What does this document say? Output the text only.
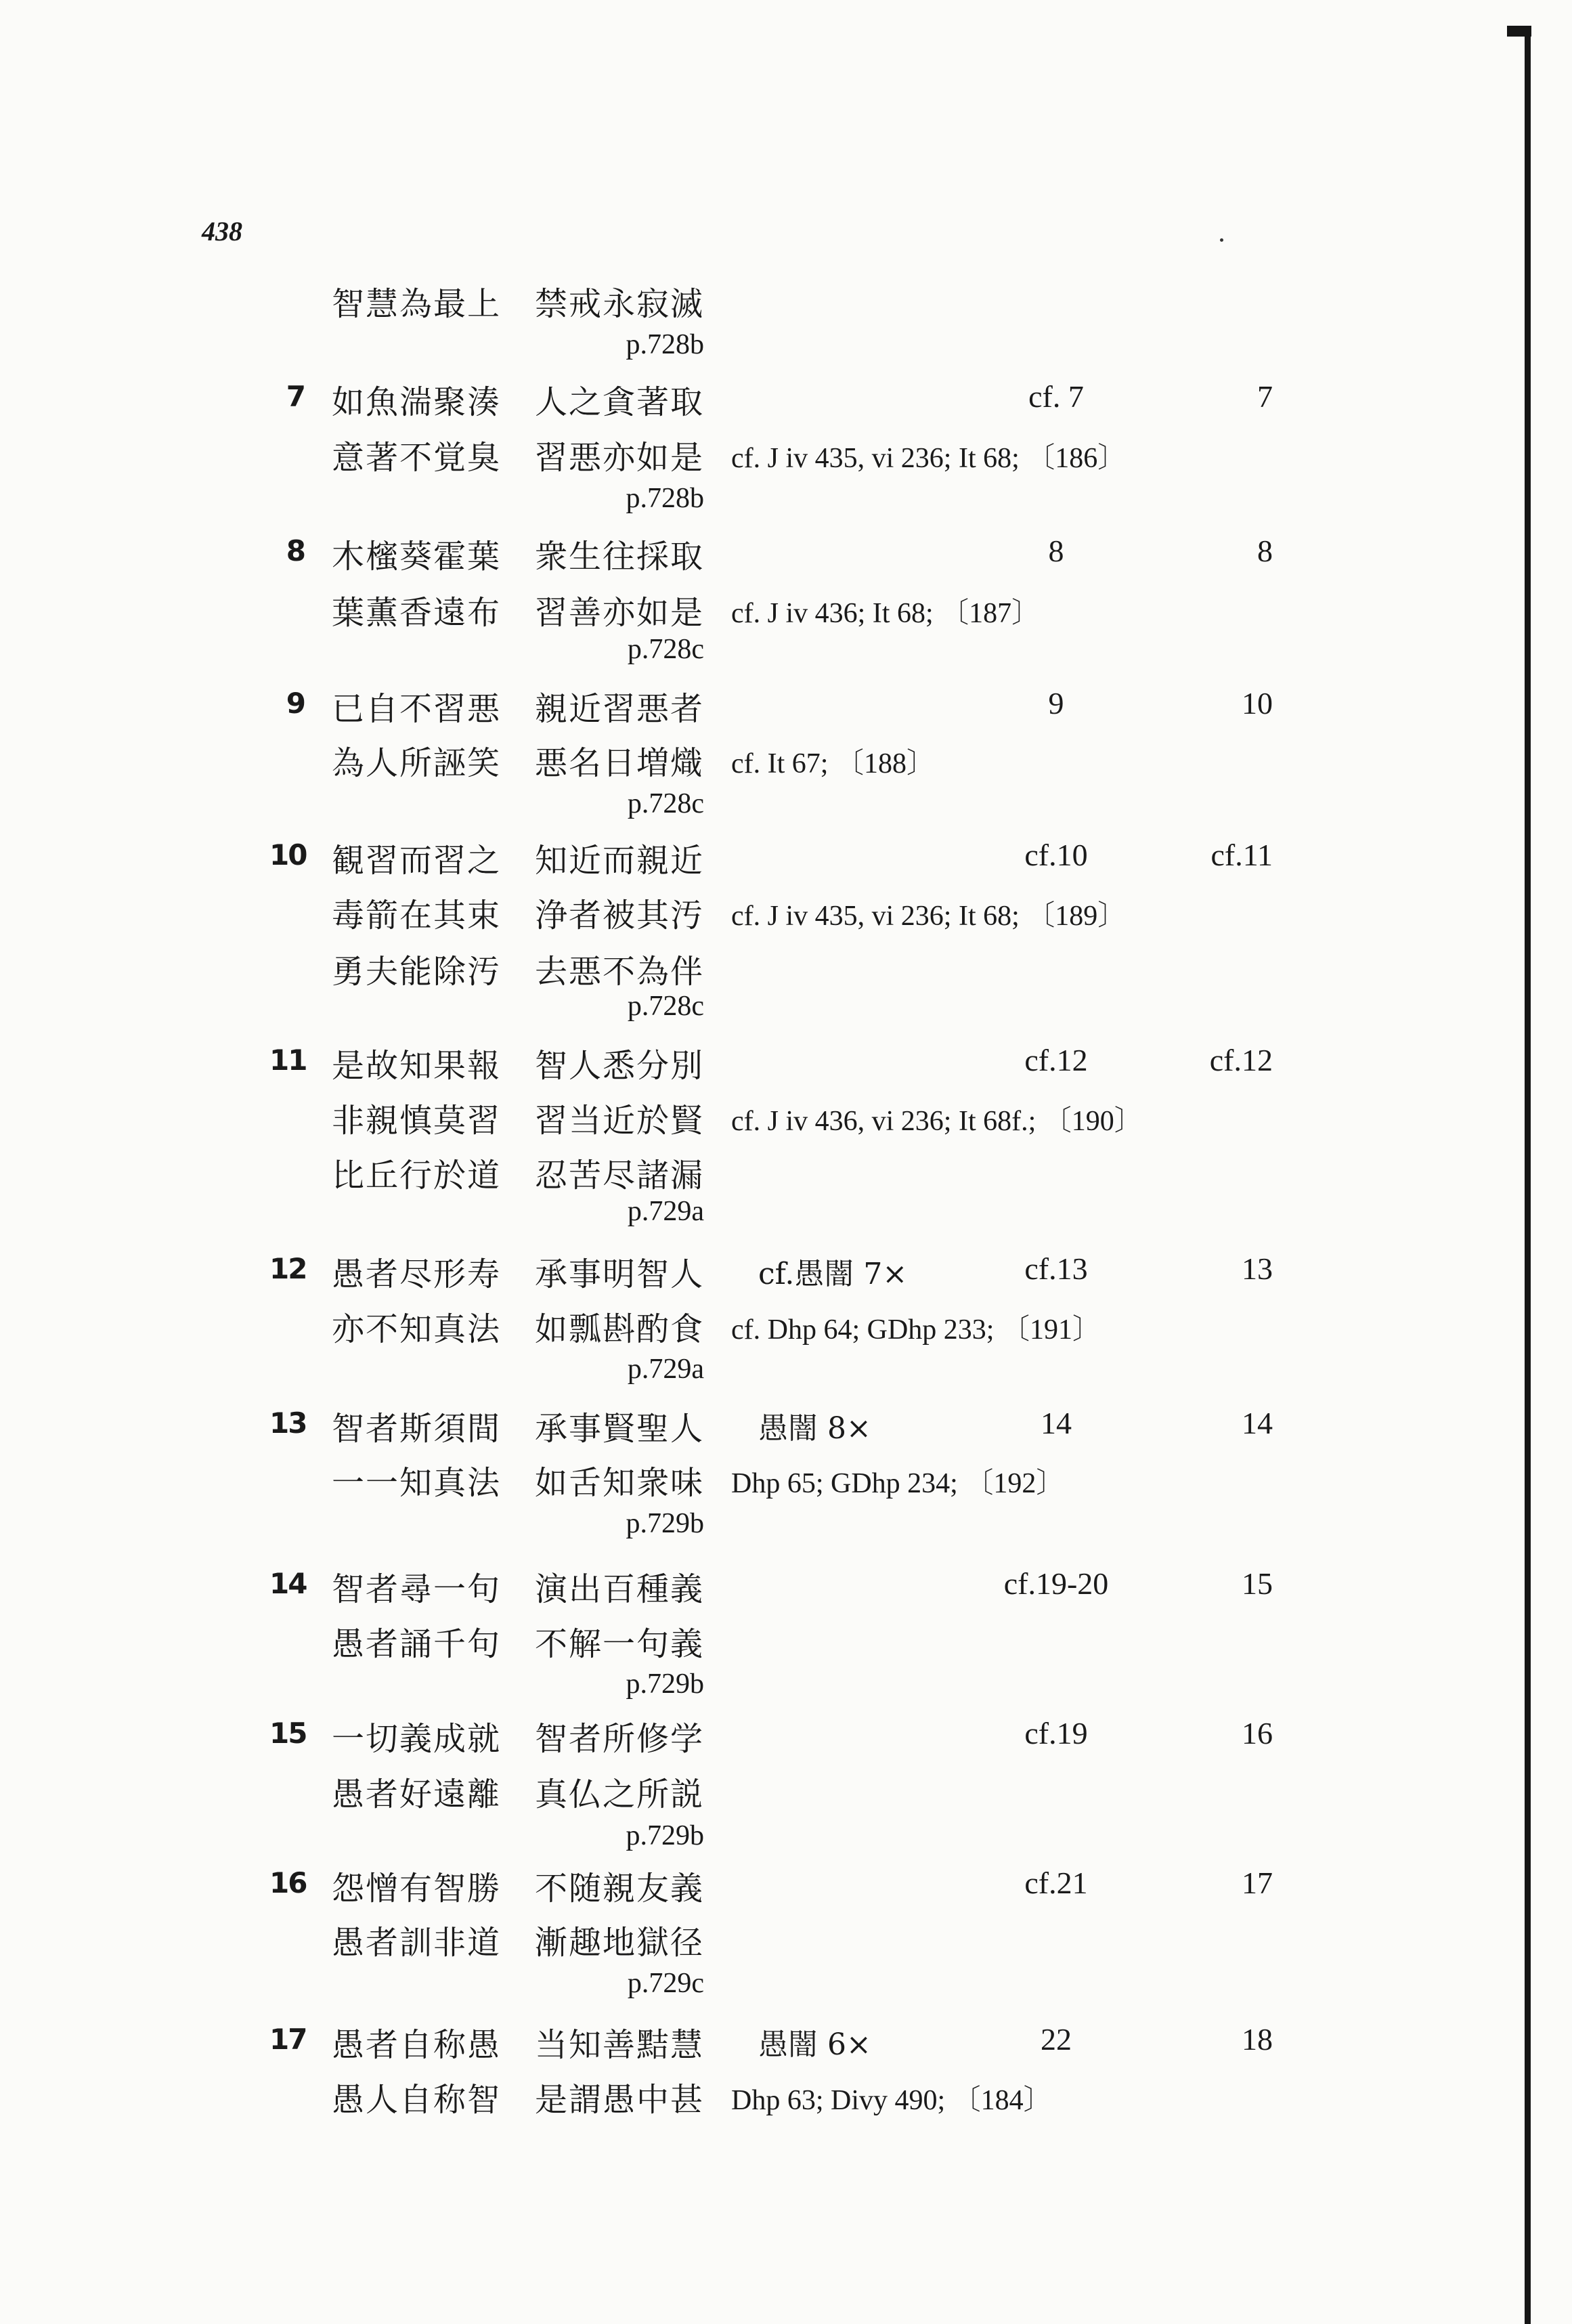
438
智慧為最上 禁戒永寂滅
p.728b
7	cf. 7	7
如魚湍聚湊 人之貪著取
意著不覚臭 習悪亦如是 cf. J iv 435, vi 236; It 68; 〔186〕
p.728b
8	8	8
木櫁葵霍葉 衆生往採取
葉薫香遠布 習善亦如是 cf. J iv 436; It 68; 〔187〕
p.728c
9	9	10
已自不習悪 親近習悪者
為人所誣笑 悪名日増熾 cf. It 67; 〔188〕
p.728c
10	cf.10	cf.11
観習而習之 知近而親近
毒箭在其束 浄者被其汚 cf. J iv 435, vi 236; It 68; 〔189〕
勇夫能除汚 去悪不為伴
p.728c
11	cf.12	cf.12
是故知果報 智人悉分別
非親慎莫習 習当近於賢 cf. J iv 436, vi 236; It 68f.; 〔190〕
比丘行於道 忍苦尽諸漏
p.729a
12	cf.愚闇 7×	cf.13	13
愚者尽形寿 承事明智人
亦不知真法 如瓢斟酌食 cf. Dhp 64; GDhp 233; 〔191〕
p.729a
13	愚闇 8×	14	14
智者斯須間 承事賢聖人
一一知真法 如舌知衆味 Dhp 65; GDhp 234; 〔192〕
p.729b
14	cf.19-20	15
智者尋一句 演出百種義
愚者誦千句 不解一句義
p.729b
15	cf.19	16
一切義成就 智者所修学
愚者好遠離 真仏之所説
p.729b
16	cf.21	17
怨憎有智勝 不随親友義
愚者訓非道 漸趣地獄径
p.729c
17	愚闇 6×	22	18
愚者自称愚 当知善黠慧
愚人自称智 是謂愚中甚 Dhp 63; Divy 490; 〔184〕
